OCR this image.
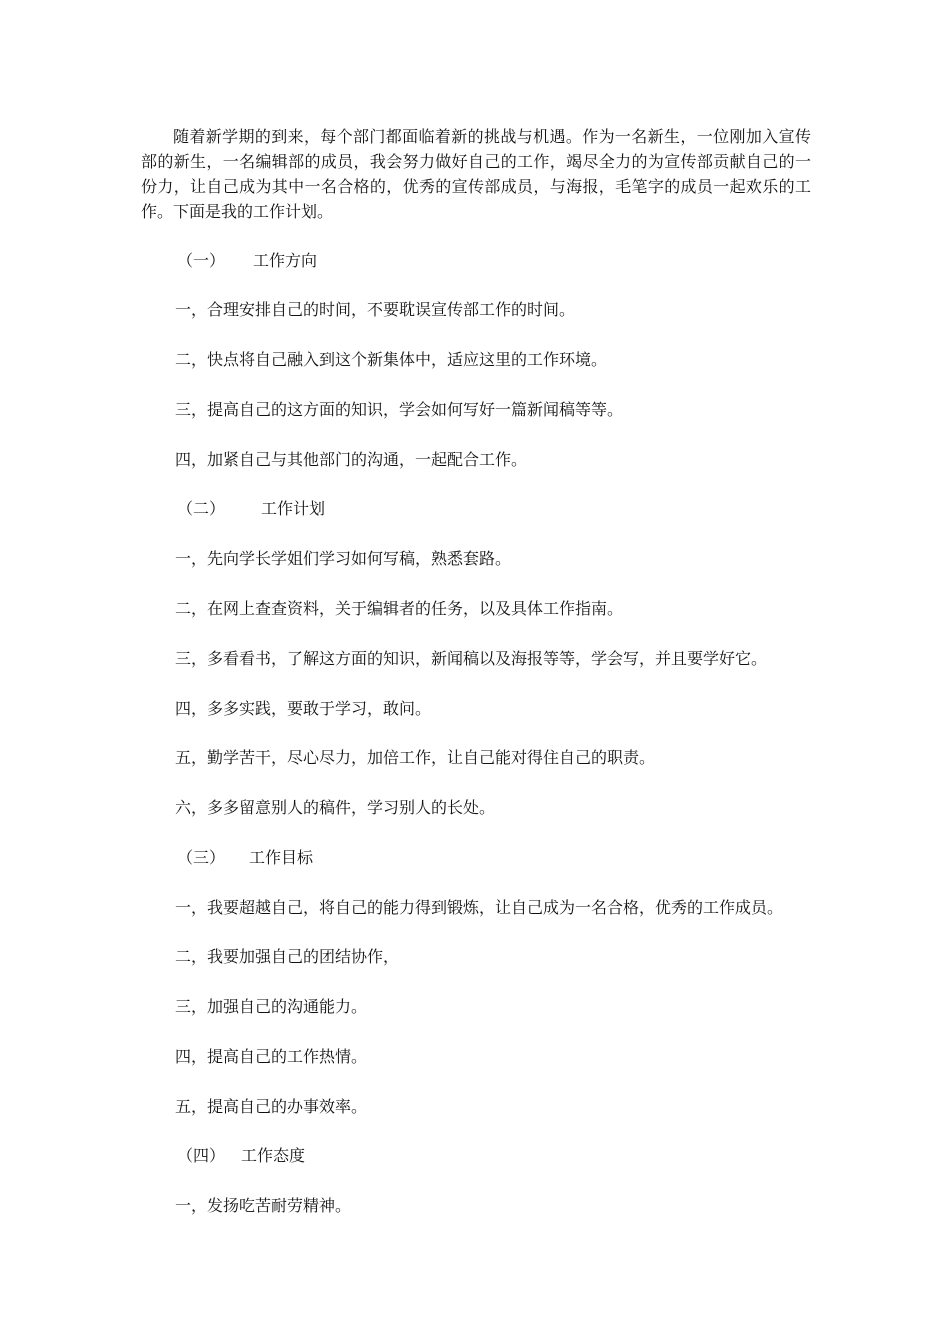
随着新学期的到来，每个部门都面临着新的挑战与机遇。作为一名新生，一位刚加入宣传部的新生，一名编辑部的成员，我会努力做好自己的工作，竭尽全力的为宣传部贡献自己的一份力，让自己成为其中一名合格的，优秀的宣传部成员，与海报，毛笔字的成员一起欢乐的工作。下面是我的工作计划。

（一） 工作方向

一，合理安排自己的时间，不要耽误宣传部工作的时间。

二，快点将自己融入到这个新集体中，适应这里的工作环境。

三，提高自己的这方面的知识，学会如何写好一篇新闻稿等等。

四，加紧自己与其他部门的沟通，一起配合工作。

（二） 工作计划

一，先向学长学姐们学习如何写稿，熟悉套路。

二，在网上查查资料，关于编辑者的任务，以及具体工作指南。

三，多看看书，了解这方面的知识，新闻稿以及海报等等，学会写，并且要学好它。

四，多多实践，要敢于学习，敢问。

五，勤学苦干，尽心尽力，加倍工作，让自己能对得住自己的职责。

六，多多留意别人的稿件，学习别人的长处。

（三） 工作目标

一，我要超越自己，将自己的能力得到锻炼，让自己成为一名合格，优秀的工作成员。

二，我要加强自己的团结协作，

三，加强自己的沟通能力。

四，提高自己的工作热情。

五，提高自己的办事效率。

（四） 工作态度

一，发扬吃苦耐劳精神。
